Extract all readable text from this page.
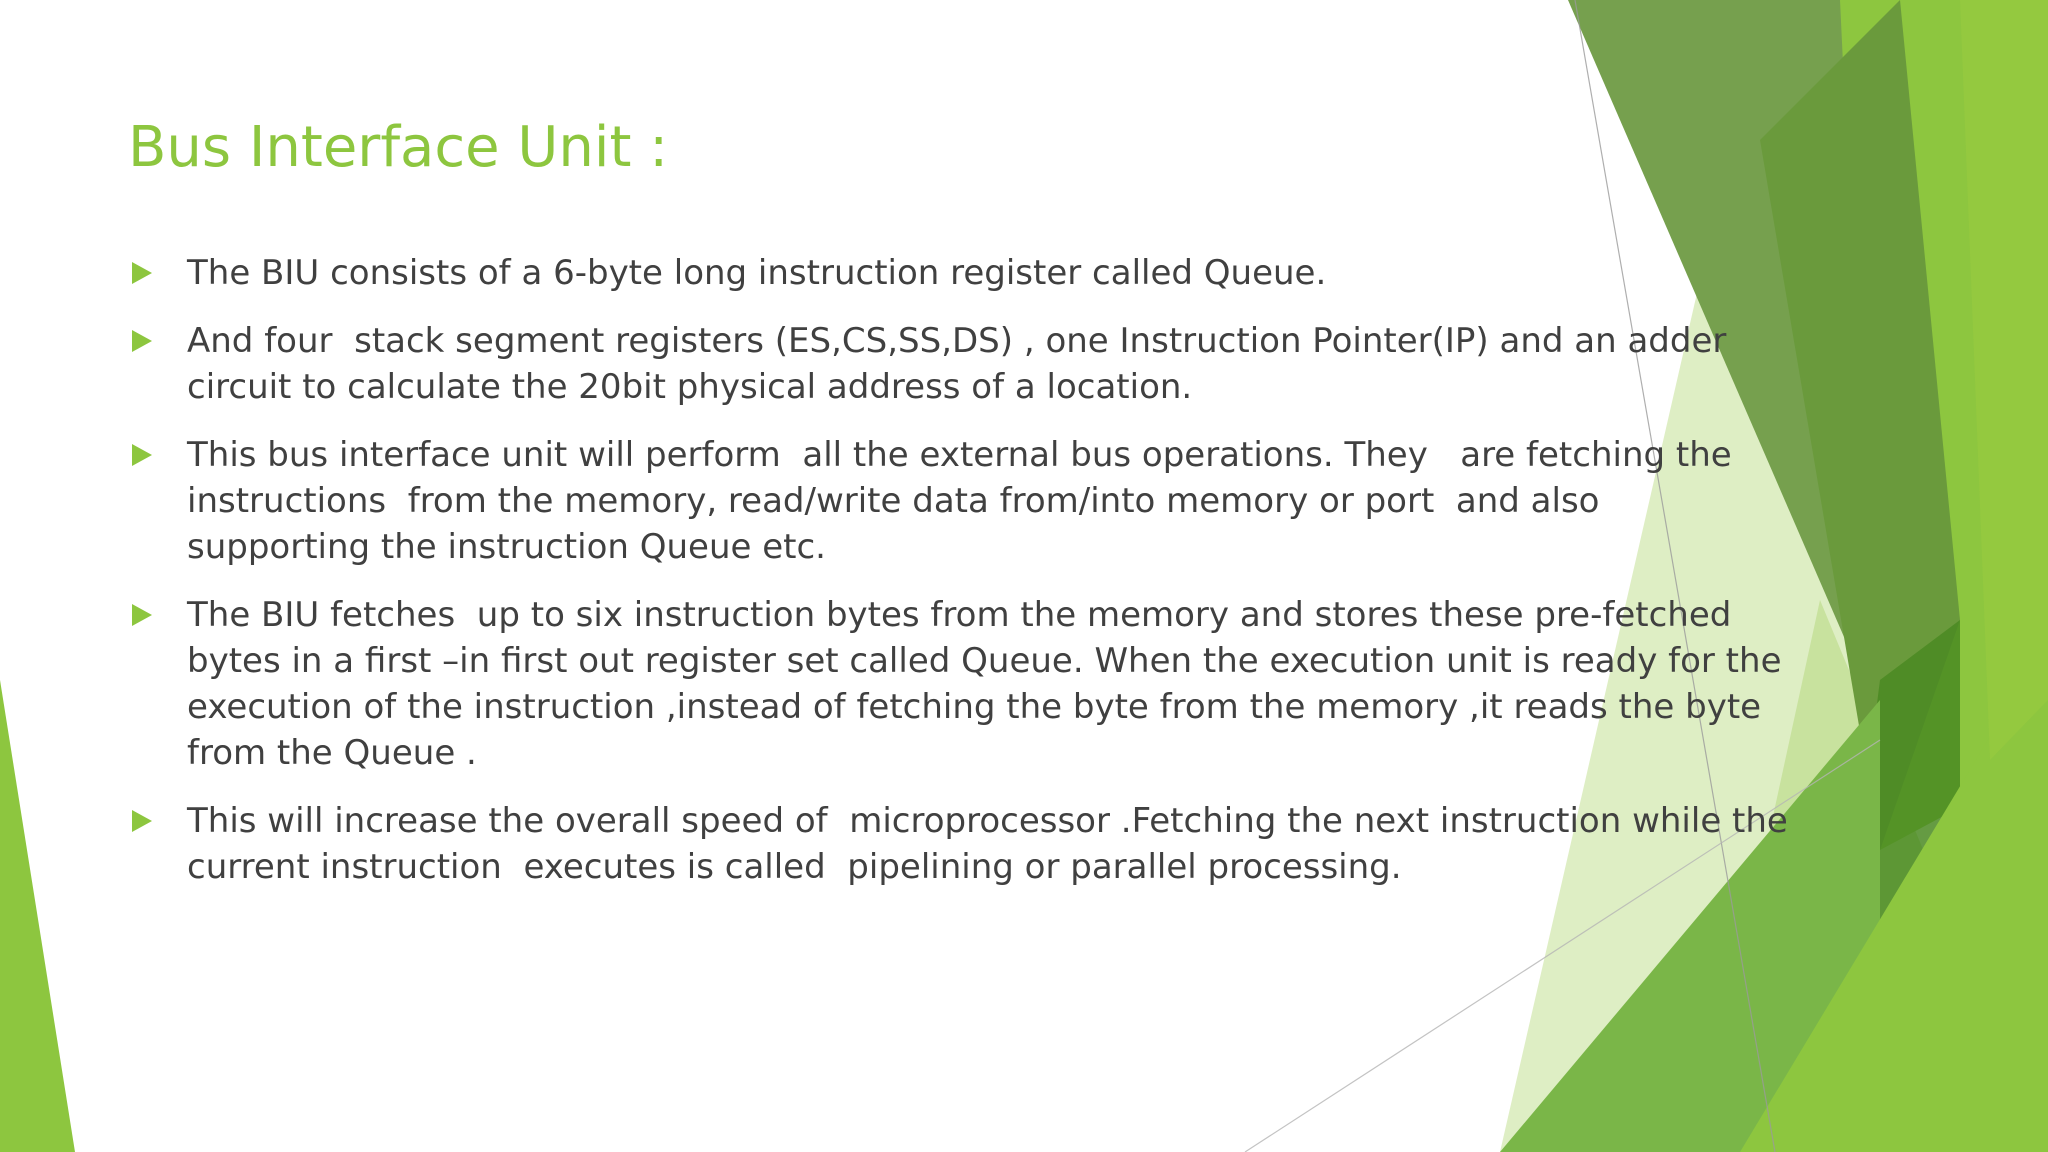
Bus Interface Unit :
The BIU consists of a 6-byte long instruction register called Queue.
And four  stack segment registers (ES,CS,SS,DS) , one Instruction Pointer(IP) and an adder
circuit to calculate the 20bit physical address of a location.
This bus interface unit will perform  all the external bus operations. They   are fetching the
instructions  from the memory, read/write data from/into memory or port  and also
supporting the instruction Queue etc.
The BIU fetches  up to six instruction bytes from the memory and stores these pre-fetched
bytes in a first –in first out register set called Queue. When the execution unit is ready for the
execution of the instruction ,instead of fetching the byte from the memory ,it reads the byte
from the Queue .
This will increase the overall speed of  microprocessor .Fetching the next instruction while the
current instruction  executes is called  pipelining or parallel processing.
